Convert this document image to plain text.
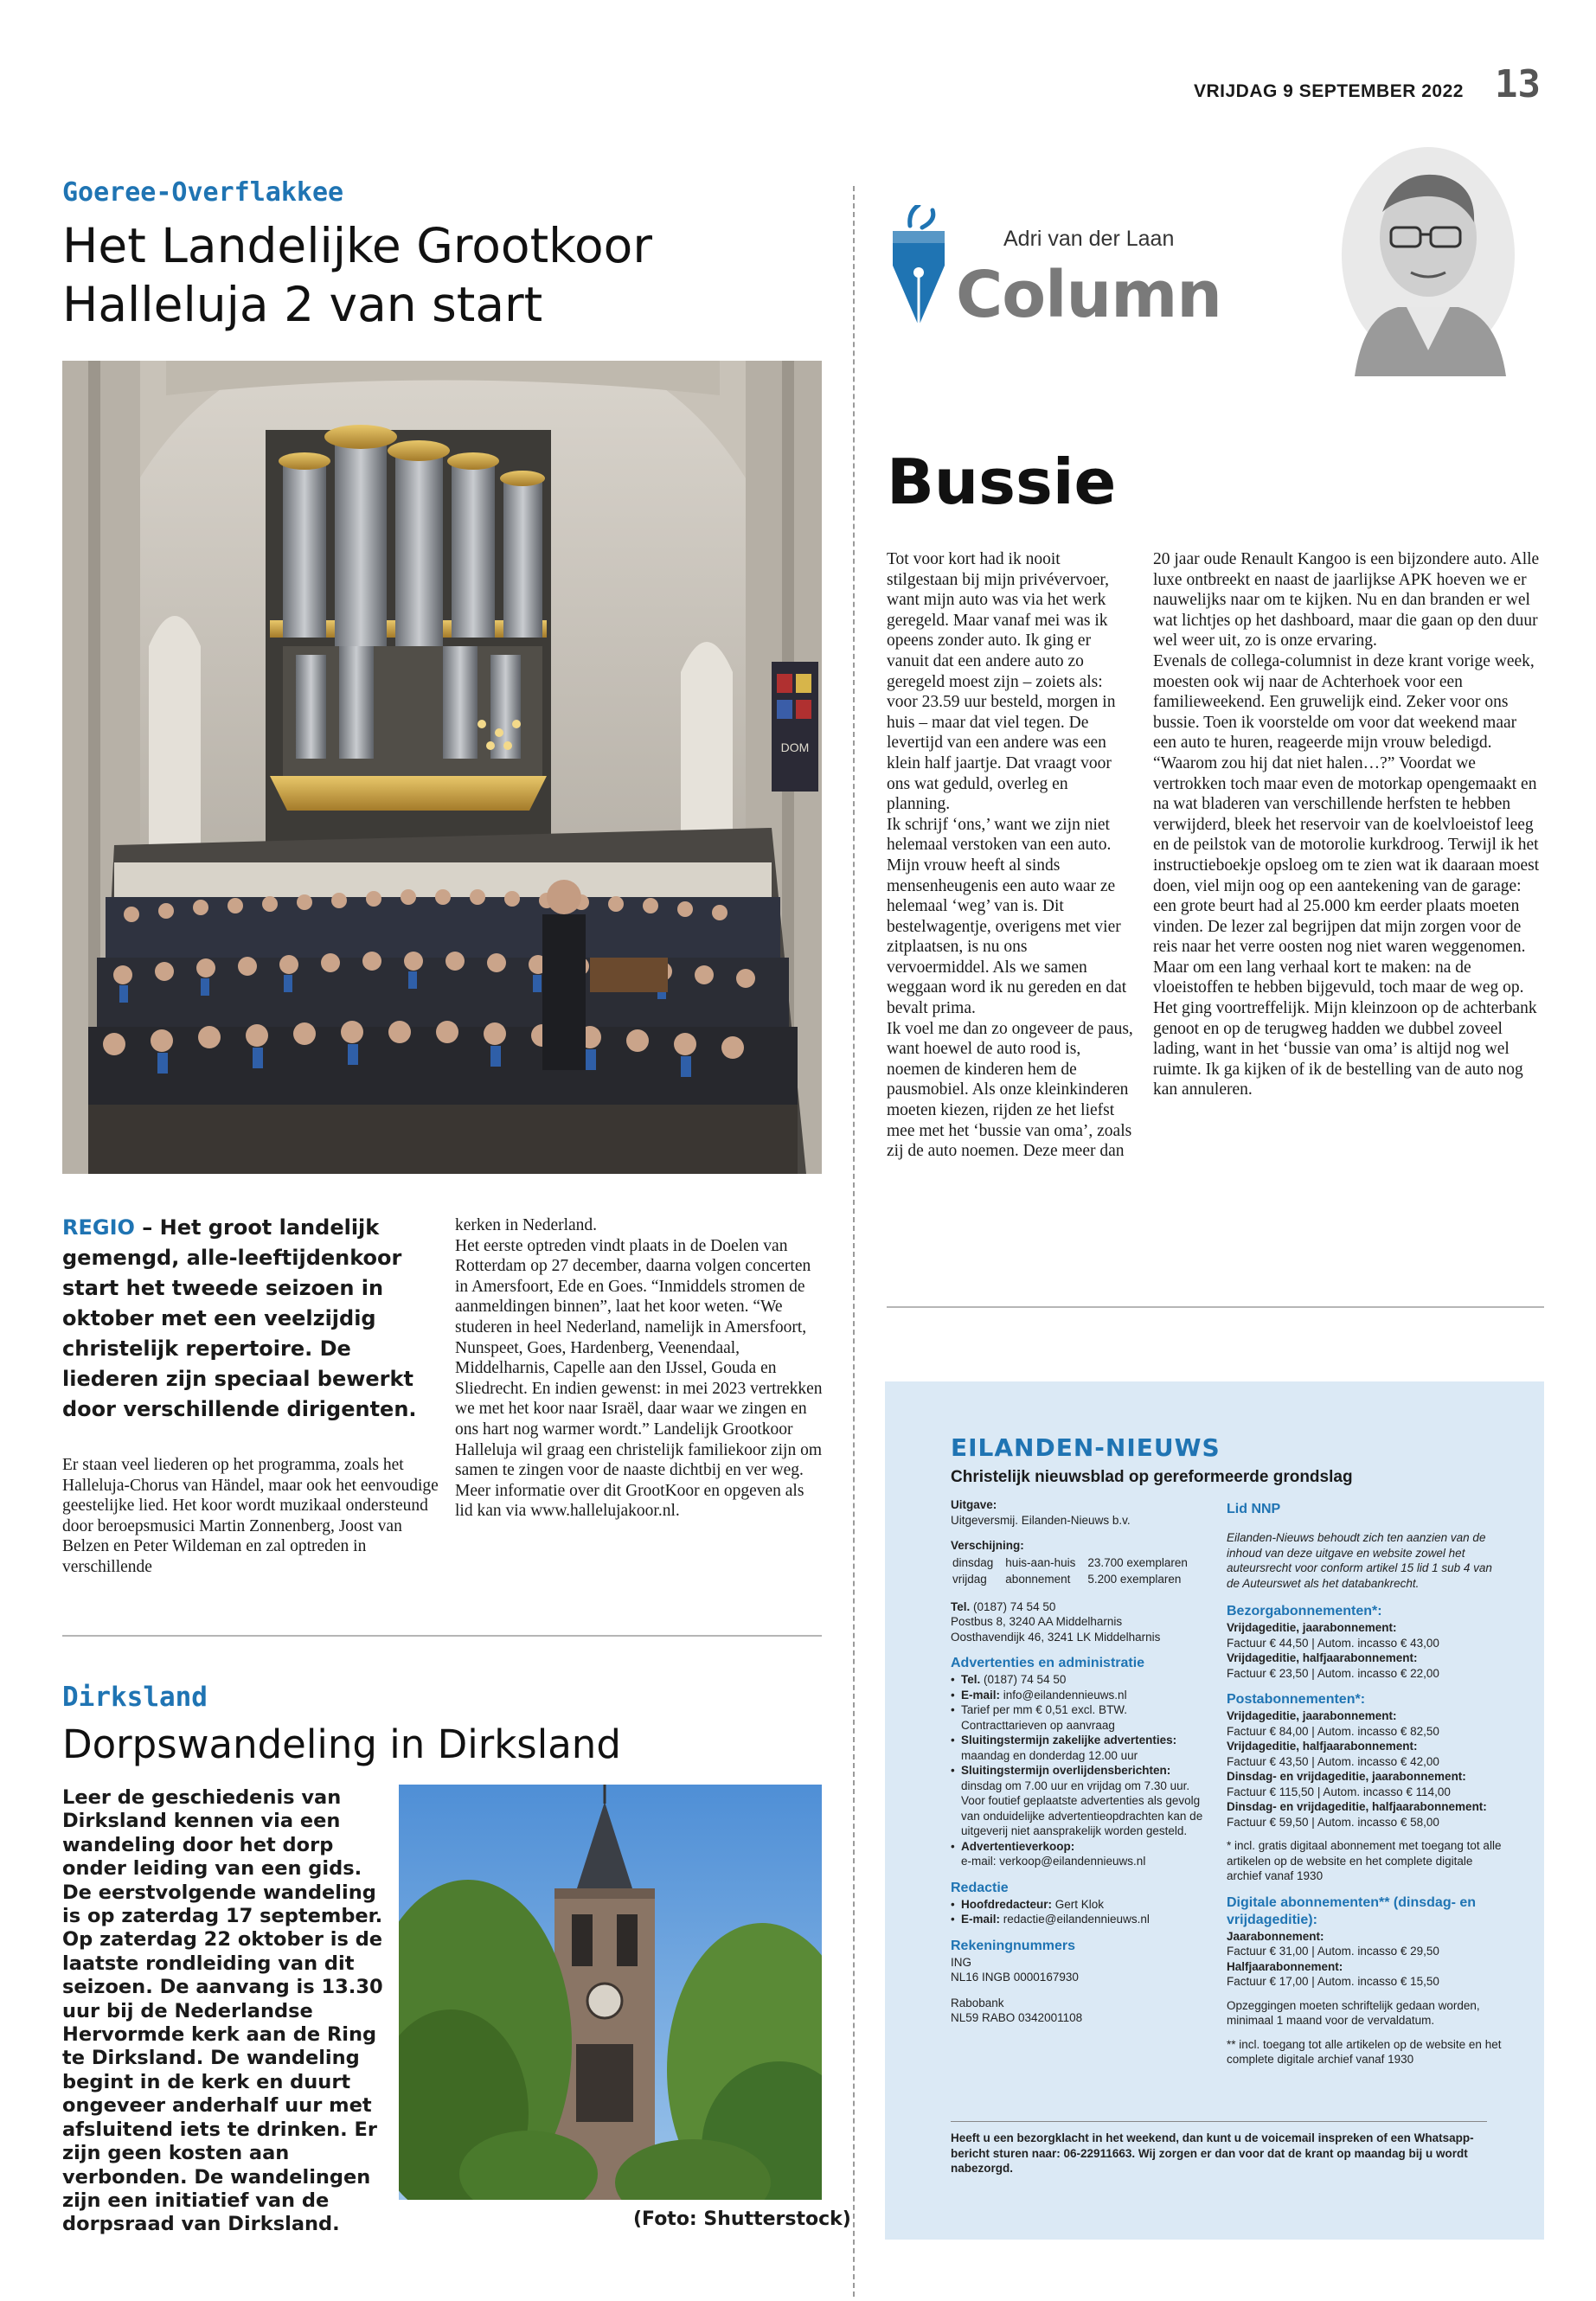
VRIJDAG 9 SEPTEMBER 2022 13
Goeree-Overflakkee
Het Landelijke Grootkoor
Halleluja 2 van start
DOM
REGIO – Het groot landelijk gemengd, alle-leeftijdenkoor start het tweede seizoen in oktober met een veelzijdig christelijk repertoire. De liederen zijn speciaal bewerkt door verschillende dirigenten.
Er staan veel liederen op het programma, zoals het Halleluja-Chorus van Händel, maar ook het eenvoudige geestelijke lied. Het koor wordt muzikaal ondersteund door beroepsmusici Martin Zonnenberg, Joost van Belzen en Peter Wildeman en zal optreden in verschillende
kerken in Nederland.
Het eerste optreden vindt plaats in de Doelen van Rotterdam op 27 december, daarna volgen concerten in Amersfoort, Ede en Goes. “Inmiddels stromen de aanmeldingen binnen”, laat het koor weten. “We studeren in heel Nederland, namelijk in Amersfoort, Nunspeet, Goes, Hardenberg, Veenendaal, Middelharnis, Capelle aan den IJssel, Gouda en Sliedrecht. En indien gewenst: in mei 2023 vertrekken we met het koor naar Israël, daar waar we zingen en ons hart nog warmer wordt.” Landelijk Grootkoor Halleluja wil graag een christelijk familiekoor zijn om samen te zingen voor de naaste dichtbij en ver weg. Meer informatie over dit GrootKoor en opgeven als lid kan via www.hallelujakoor.nl.
Dirksland
Dorpswandeling in Dirksland
Leer de geschiedenis van Dirksland kennen via een wandeling door het dorp onder leiding van een gids. De eerstvolgende wandeling is op zaterdag 17 september. Op zaterdag 22 oktober is de laatste rondleiding van dit seizoen. De aanvang is 13.30 uur bij de Nederlandse Hervormde kerk aan de Ring te Dirksland. De wandeling begint in de kerk en duurt ongeveer anderhalf uur met afsluitend iets te drinken. Er zijn geen kosten aan verbonden. De wandelingen zijn een initiatief van de dorpsraad van Dirksland.	(Foto: Shutterstock)
Adri van der Laan
Column
Bussie
Tot voor kort had ik nooit stilgestaan bij mijn privévervoer, want mijn auto was via het werk geregeld. Maar vanaf mei was ik opeens zonder auto. Ik ging er vanuit dat een andere auto zo geregeld moest zijn – zoiets als: voor 23.59 uur besteld, morgen in huis – maar dat viel tegen. De levertijd van een andere was een klein half jaartje. Dat vraagt voor ons wat geduld, overleg en planning.
Ik schrijf ‘ons,’ want we zijn niet helemaal verstoken van een auto. Mijn vrouw heeft al sinds mensenheugenis een auto waar ze helemaal ‘weg’ van is. Dit bestelwagentje, overigens met vier zitplaatsen, is nu ons vervoermiddel. Als we samen weggaan word ik nu gereden en dat bevalt prima.
Ik voel me dan zo ongeveer de paus, want hoewel de auto rood is, noemen de kinderen hem de pausmobiel. Als onze kleinkinderen moeten kiezen, rijden ze het liefst mee met het ‘bussie van oma’, zoals zij de auto noemen. Deze meer dan
20 jaar oude Renault Kangoo is een bijzondere auto. Alle luxe ontbreekt en naast de jaarlijkse APK hoeven we er nauwelijks naar om te kijken. Nu en dan branden er wel wat lichtjes op het dashboard, maar die gaan op den duur wel weer uit, zo is onze ervaring.
Evenals de collega-columnist in deze krant vorige week, moesten ook wij naar de Achterhoek voor een familieweekend. Een gruwelijk eind. Zeker voor ons bussie. Toen ik voorstelde om voor dat weekend maar een auto te huren, reageerde mijn vrouw beledigd. “Waarom zou hij dat niet halen…?” Voordat we vertrokken toch maar even de motorkap opengemaakt en na wat bladeren van verschillende herfsten te hebben verwijderd, bleek het reservoir van de koelvloeistof leeg en de peilstok van de motorolie kurkdroog. Terwijl ik het instructieboekje opsloeg om te zien wat ik daaraan moest doen, viel mijn oog op een aantekening van de garage: een grote beurt had al 25.000 km eerder plaats moeten vinden. De lezer zal begrijpen dat mijn zorgen voor de reis naar het verre oosten nog niet waren weggenomen.
Maar om een lang verhaal kort te maken: na de vloeistoffen te hebben bijgevuld, toch maar de weg op. Het ging voortreffelijk. Mijn kleinzoon op de achterbank genoot en op de terugweg hadden we dubbel zoveel lading, want in het ‘bussie van oma’ is altijd nog wel ruimte. Ik ga kijken of ik de bestelling van de auto nog kan annuleren.
EILANDEN-NIEUWS
Christelijk nieuwsblad op gereformeerde grondslag
Uitgave:
Uitgeversmij. Eilanden-Nieuws b.v.
Verschijning:
dinsdag	huis-aan-huis	23.700 exemplaren
vrijdag	abonnement	5.200 exemplaren
Tel. (0187) 74 54 50
Postbus 8, 3240 AA Middelharnis
Oosthavendijk 46, 3241 LK Middelharnis
Advertenties en administratie
• Tel. (0187) 74 54 50
• E-mail: info@eilandennieuws.nl
• Tarief per mm € 0,51 excl. BTW. Contracttarieven op aanvraag
• Sluitingstermijn zakelijke advertenties:
maandag en donderdag 12.00 uur
• Sluitingstermijn overlijdensberichten:
dinsdag om 7.00 uur en vrijdag om 7.30 uur. Voor foutief geplaatste advertenties als gevolg van onduidelijke advertentieopdrachten kan de uitgeverij niet aansprakelijk worden gesteld.
• Advertentieverkoop:
e-mail: verkoop@eilandennieuws.nl
Redactie
• Hoofdredacteur: Gert Klok
• E-mail: redactie@eilandennieuws.nl
Rekeningnummers
ING
NL16 INGB 0000167930
Rabobank
NL59 RABO 0342001108
Lid NNP
Eilanden-Nieuws behoudt zich ten aanzien van de inhoud van deze uitgave en website zowel het auteursrecht voor conform artikel 15 lid 1 sub 4 van de Auteurswet als het databankrecht.
Bezorgabonnementen*:
Vrijdageditie, jaarabonnement:
Factuur € 44,50 | Autom. incasso € 43,00
Vrijdageditie, halfjaarabonnement:
Factuur € 23,50 | Autom. incasso € 22,00
Postabonnementen*:
Vrijdageditie, jaarabonnement:
Factuur € 84,00 | Autom. incasso € 82,50
Vrijdageditie, halfjaarabonnement:
Factuur € 43,50 | Autom. incasso € 42,00
Dinsdag- en vrijdageditie, jaarabonnement:
Factuur € 115,50 | Autom. incasso € 114,00
Dinsdag- en vrijdageditie, halfjaarabonnement:
Factuur € 59,50 | Autom. incasso € 58,00
* incl. gratis digitaal abonnement met toegang tot alle artikelen op de website en het complete digitale archief vanaf 1930
Digitale abonnementen** (dinsdag- en vrijdageditie):
Jaarabonnement:
Factuur € 31,00 | Autom. incasso € 29,50
Halfjaarabonnement:
Factuur € 17,00 | Autom. incasso € 15,50
Opzeggingen moeten schriftelijk gedaan worden, minimaal 1 maand voor de vervaldatum.
** incl. toegang tot alle artikelen op de website en het complete digitale archief vanaf 1930
Heeft u een bezorgklacht in het weekend, dan kunt u de voicemail inspreken of een Whatsapp-bericht sturen naar: 06-22911663. Wij zorgen er dan voor dat de krant op maandag bij u wordt nabezorgd.
